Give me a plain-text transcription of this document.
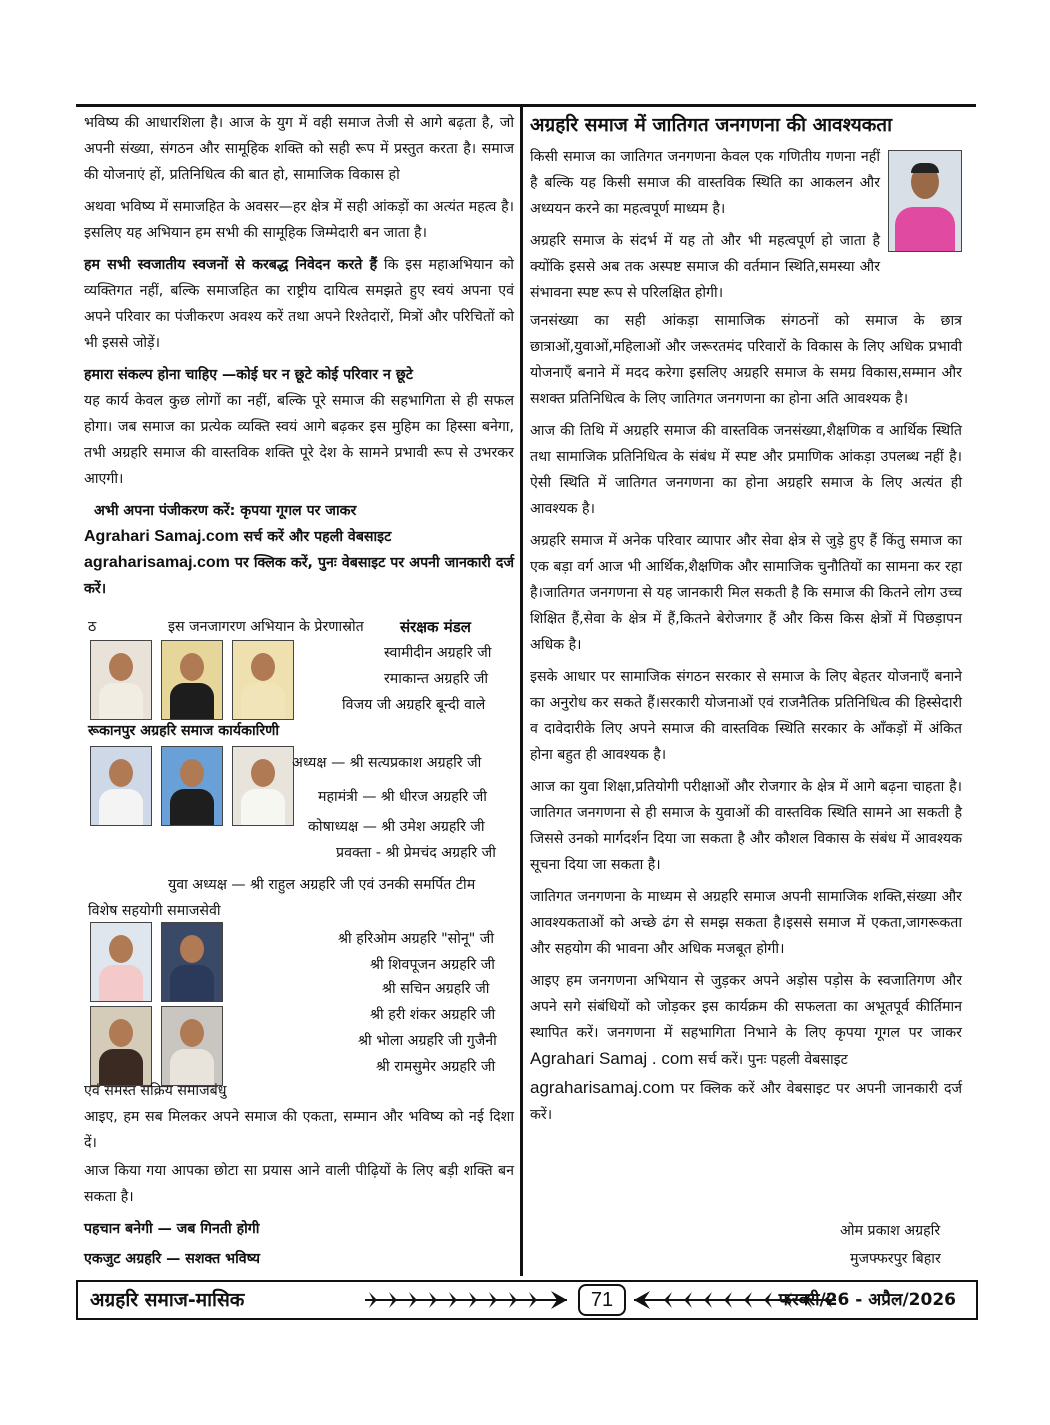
भविष्य की आधारशिला है। आज के युग में वही समाज तेजी से आगे बढ़ता है, जो अपनी संख्या, संगठन और सामूहिक शक्ति को सही रूप में प्रस्तुत करता है। समाज की योजनाएं हों, प्रतिनिधित्व की बात हो, सामाजिक विकास हो

अथवा भविष्य में समाजहित के अवसर—हर क्षेत्र में सही आंकड़ों का अत्यंत महत्व है। इसलिए यह अभियान हम सभी की सामूहिक जिम्मेदारी बन जाता है।

हम सभी स्वजातीय स्वजनों से करबद्ध निवेदन करते हैं कि इस महाअभियान को व्यक्तिगत नहीं, बल्कि समाजहित का राष्ट्रीय दायित्व समझते हुए स्वयं अपना एवं अपने परिवार का पंजीकरण अवश्य करें तथा अपने रिश्तेदारों, मित्रों और परिचितों को भी इससे जोड़ें।

हमारा संकल्प होना चाहिए —कोई घर न छूटे कोई परिवार न छूटे
यह कार्य केवल कुछ लोगों का नहीं, बल्कि पूरे समाज की सहभागिता से ही सफल होगा। जब समाज का प्रत्येक व्यक्ति स्वयं आगे बढ़कर इस मुहिम का हिस्सा बनेगा, तभी अग्रहरि समाज की वास्तविक शक्ति पूरे देश के सामने प्रभावी रूप से उभरकर आएगी।

अभी अपना पंजीकरण करें: कृपया गूगल पर जाकर
Agrahari Samaj.com सर्च करें और पहली वेबसाइट
agraharisamaj.com पर क्लिक करें, पुनः वेबसाइट पर अपनी जानकारी दर्ज करें।

ठ	इस जनजागरण अभियान के प्रेरणास्रोत संरक्षक मंडल

स्वामीदीन अग्रहरि जी
रमाकान्त अग्रहरि जी
विजय जी अग्रहरि बून्दी वाले
रूकानपुर अग्रहरि समाज कार्यकारिणी

अध्यक्ष — श्री सत्यप्रकाश अग्रहरि जी
महामंत्री — श्री धीरज अग्रहरि जी
कोषाध्यक्ष — श्री उमेश अग्रहरि जी
प्रवक्ता - श्री प्रेमचंद अग्रहरि जी
युवा अध्यक्ष — श्री राहुल अग्रहरि जी एवं उनकी समर्पित टीम
विशेष सहयोगी समाजसेवी

श्री हरिओम अग्रहरि "सोनू" जी
श्री शिवपूजन अग्रहरि जी
श्री सचिन अग्रहरि जी
श्री हरी शंकर अग्रहरि जी
श्री भोला अग्रहरि जी गुजैनी
श्री रामसुमेर अग्रहरि जी

एवं समस्त सक्रिय समाजबंधु

आइए, हम सब मिलकर अपने समाज की एकता, सम्मान और भविष्य को नई दिशा दें।

आज किया गया आपका छोटा सा प्रयास आने वाली पीढ़ियों के लिए बड़ी शक्ति बन सकता है।

पहचान बनेगी — जब गिनती होगी

एकजुट अग्रहरि — सशक्त भविष्य

अग्रहरि समाज में जातिगत जनगणना की आवश्यकता

किसी समाज का जातिगत जनगणना केवल एक गणितीय गणना नहीं है बल्कि यह किसी समाज की वास्तविक स्थिति का आकलन और अध्ययन करने का महत्वपूर्ण माध्यम है।

अग्रहरि समाज के संदर्भ में यह तो और भी महत्वपूर्ण हो जाता है क्योंकि इससे अब तक अस्पष्ट समाज की वर्तमान स्थिति,समस्या और संभावना स्पष्ट रूप से परिलक्षित होगी।

जनसंख्या का सही आंकड़ा सामाजिक संगठनों को समाज के छात्र छात्राओं,युवाओं,महिलाओं और जरूरतमंद परिवारों के विकास के लिए अधिक प्रभावी योजनाएँ बनाने में मदद करेगा इसलिए अग्रहरि समाज के समग्र विकास,सम्मान और सशक्त प्रतिनिधित्व के लिए जातिगत जनगणना का होना अति आवश्यक है।

आज की तिथि में अग्रहरि समाज की वास्तविक जनसंख्या,शैक्षणिक व आर्थिक स्थिति तथा सामाजिक प्रतिनिधित्व के संबंध में स्पष्ट और प्रमाणिक आंकड़ा उपलब्ध नहीं है।ऐसी स्थिति में जातिगत जनगणना का होना अग्रहरि समाज के लिए अत्यंत ही आवश्यक है।

अग्रहरि समाज में अनेक परिवार व्यापार और सेवा क्षेत्र से जुड़े हुए हैं किंतु समाज का एक बड़ा वर्ग आज भी आर्थिक,शैक्षणिक और सामाजिक चुनौतियों का सामना कर रहा है।जातिगत जनगणना से यह जानकारी मिल सकती है कि समाज की कितने लोग उच्च शिक्षित हैं,सेवा के क्षेत्र में हैं,कितने बेरोजगार हैं और किस किस क्षेत्रों में पिछड़ापन अधिक है।

इसके आधार पर सामाजिक संगठन सरकार से समाज के लिए बेहतर योजनाएँ बनाने का अनुरोध कर सकते हैं।सरकारी योजनाओं एवं राजनैतिक प्रतिनिधित्व की हिस्सेदारी व दावेदारीके लिए अपने समाज की वास्तविक स्थिति सरकार के आँकड़ों में अंकित होना बहुत ही आवश्यक है।

आज का युवा शिक्षा,प्रतियोगी परीक्षाओं और रोजगार के क्षेत्र में आगे बढ़ना चाहता है।जातिगत जनगणना से ही समाज के युवाओं की वास्तविक स्थिति सामने आ सकती है जिससे उनको मार्गदर्शन दिया जा सकता है और कौशल विकास के संबंध में आवश्यक सूचना दिया जा सकता है।

जातिगत जनगणना के माध्यम से अग्रहरि समाज अपनी सामाजिक शक्ति,संख्या और आवश्यकताओं को अच्छे ढंग से समझ सकता है।इससे समाज में एकता,जागरूकता और सहयोग की भावना और अधिक मजबूत होगी।

आइए हम जनगणना अभियान से जुड़कर अपने अड़ोस पड़ोस के स्वजातिगण और अपने सगे संबंधियों को जोड़कर इस कार्यक्रम की सफलता का अभूतपूर्व कीर्तिमान स्थापित करें। जनगणना में सहभागिता निभाने के लिए कृपया गूगल पर जाकर Agrahari Samaj . com सर्च करें। पुनः पहली वेबसाइट

agraharisamaj.com पर क्लिक करें और वेबसाइट पर अपनी जानकारी दर्ज करें।

ओम प्रकाश अग्रहरि
मुजफ्फरपुर बिहार
अग्रहरि समाज-मासिक	71	फरवरी/26 - अप्रैल/2026
